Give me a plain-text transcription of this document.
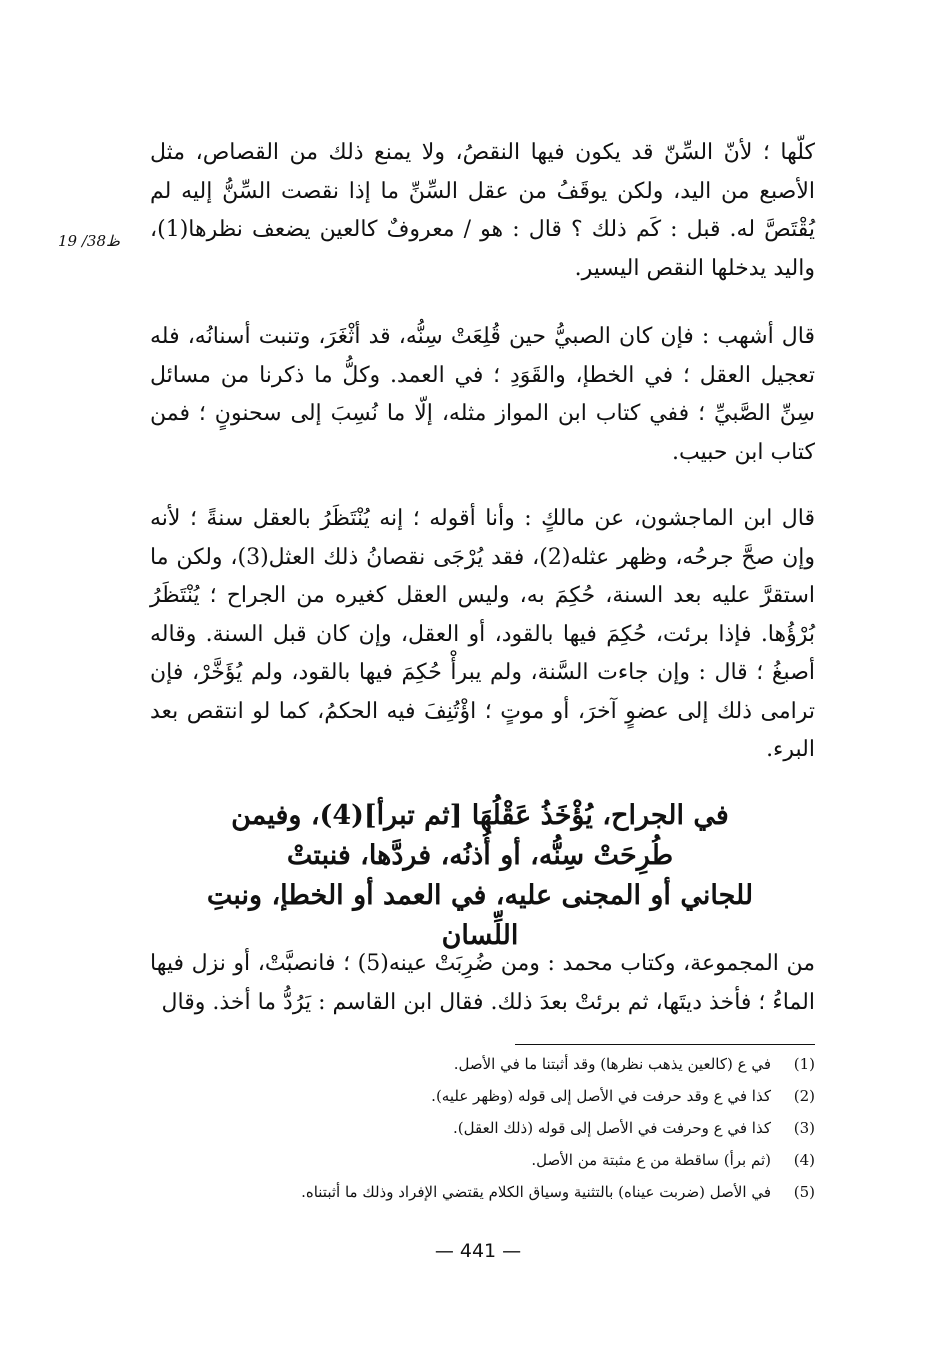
19 /38ظ

كلّها ؛ لأنّ السِّنّ قد يكون فيها النقصُ، ولا يمنع ذلك من القصاص، مثل الأصبع من اليد، ولكن يوقَفُ من عقل السِّنِّ ما إذا نقصت السِّنُّ إليه لم يُقْتَصَّ له. قبل : كَم ذلك ؟ قال : هو / معروفٌ كالعين يضعف نظرها(1)، واليد يدخلها النقص اليسير.

قال أشهب : فإن كان الصبيُّ حين قُلِعَتْ سِنُّه، قد أثْغَرَ، وتنبت أسنانُه، فله تعجيل العقل ؛ في الخطإ، والقَوَدِ ؛ في العمد. وكلُّ ما ذكرنا من مسائل سِنِّ الصَّبيِّ ؛ ففي كتاب ابن المواز مثله، إلّا ما نُسِبَ إلى سحنونٍ ؛ فمن كتاب ابن حبيب.

قال ابن الماجشون، عن مالكٍ : وأنا أقوله ؛ إنه يُنْتَظَرُ بالعقل سنةً ؛ لأنه وإن صحَّ جرحُه، وظهر عثله(2)، فقد يُرْجَى نقصانُ ذلك العثل(3)، ولكن ما استقرَّ عليه بعد السنة، حُكِمَ به، وليس العقل كغيره من الجراح ؛ يُنْتَظَرُ بُرْؤُها. فإذا برئت، حُكِمَ فيها بالقود، أو العقل، وإن كان قبل السنة. وقاله أصبغُ ؛ قال : وإن جاءت السَّنة، ولم يبرأْ حُكِمَ فيها بالقود، ولم يُؤَخَّرْ، فإن ترامى ذلك إلى عضوٍ آخرَ، أو موتٍ ؛ اؤْتُنِفَ فيه الحكمُ، كما لو انتقص بعد البرء.

في الجراح، يُؤْخَذُ عَقْلُهَا [ثم تبرأ](4)، وفيمن
طُرِحَتْ سِنُّه، أو أُذنُه، فردَّها، فنبتتْ
للجاني أو المجنى عليه، في العمد أو الخطإ، ونبتِ اللِّسان

من المجموعة، وكتاب محمد : ومن ضُرِبَتْ عينه(5) ؛ فانصبَّتْ، أو نزل فيها الماءُ ؛ فأخذ ديتَها، ثم برئتْ بعدَ ذلك. فقال ابن القاسم : يَرُدُّ ما أخذ. وقال

(1)في ع (كالعين يذهب نظرها) وقد أثبتنا ما في الأصل.
(2)كذا في ع وقد حرفت في الأصل إلى قوله (وظهر عليه).
(3)كذا في ع وحرفت في الأصل إلى قوله (ذلك العقل).
(4)(ثم برأ) ساقطة من ع مثبتة من الأصل.
(5)في الأصل (ضربت عيناه) بالتثنية وسياق الكلام يقتضي الإفراد وذلك ما أثبتناه.
— 441 —
